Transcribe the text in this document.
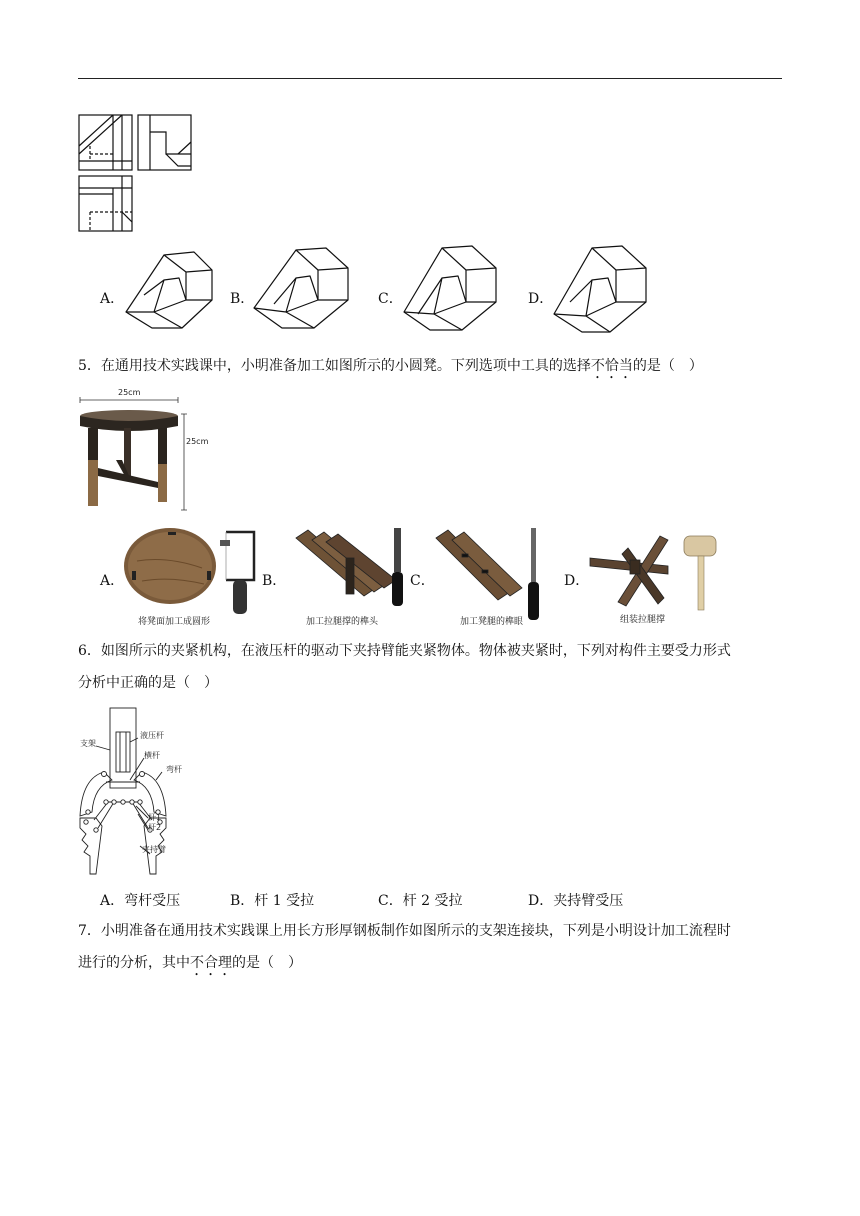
A．	B．	C．	D．
5．在通用技术实践课中，小明准备加工如图所示的小圆凳。下列选项中工具的选择不恰当的是（　）
25cm
25cm
A．
将凳面加工成圆形
B．
加工拉腿撑的榫头
C．
加工凳腿的榫眼
D．
组装拉腿撑
6．如图所示的夹紧机构，在液压杆的驱动下夹持臂能夹紧物体。物体被夹紧时，下列对构件主要受力形式
分析中正确的是（　）
支架
液压杆
横杆
弯杆
杆1
杆2
夹持臂
A．弯杆受压	B．杆 1 受拉	C．杆 2 受拉	D．夹持臂受压
7．小明准备在通用技术实践课上用长方形厚钢板制作如图所示的支架连接块，下列是小明设计加工流程时
进行的分析，其中不合理的是（　）
